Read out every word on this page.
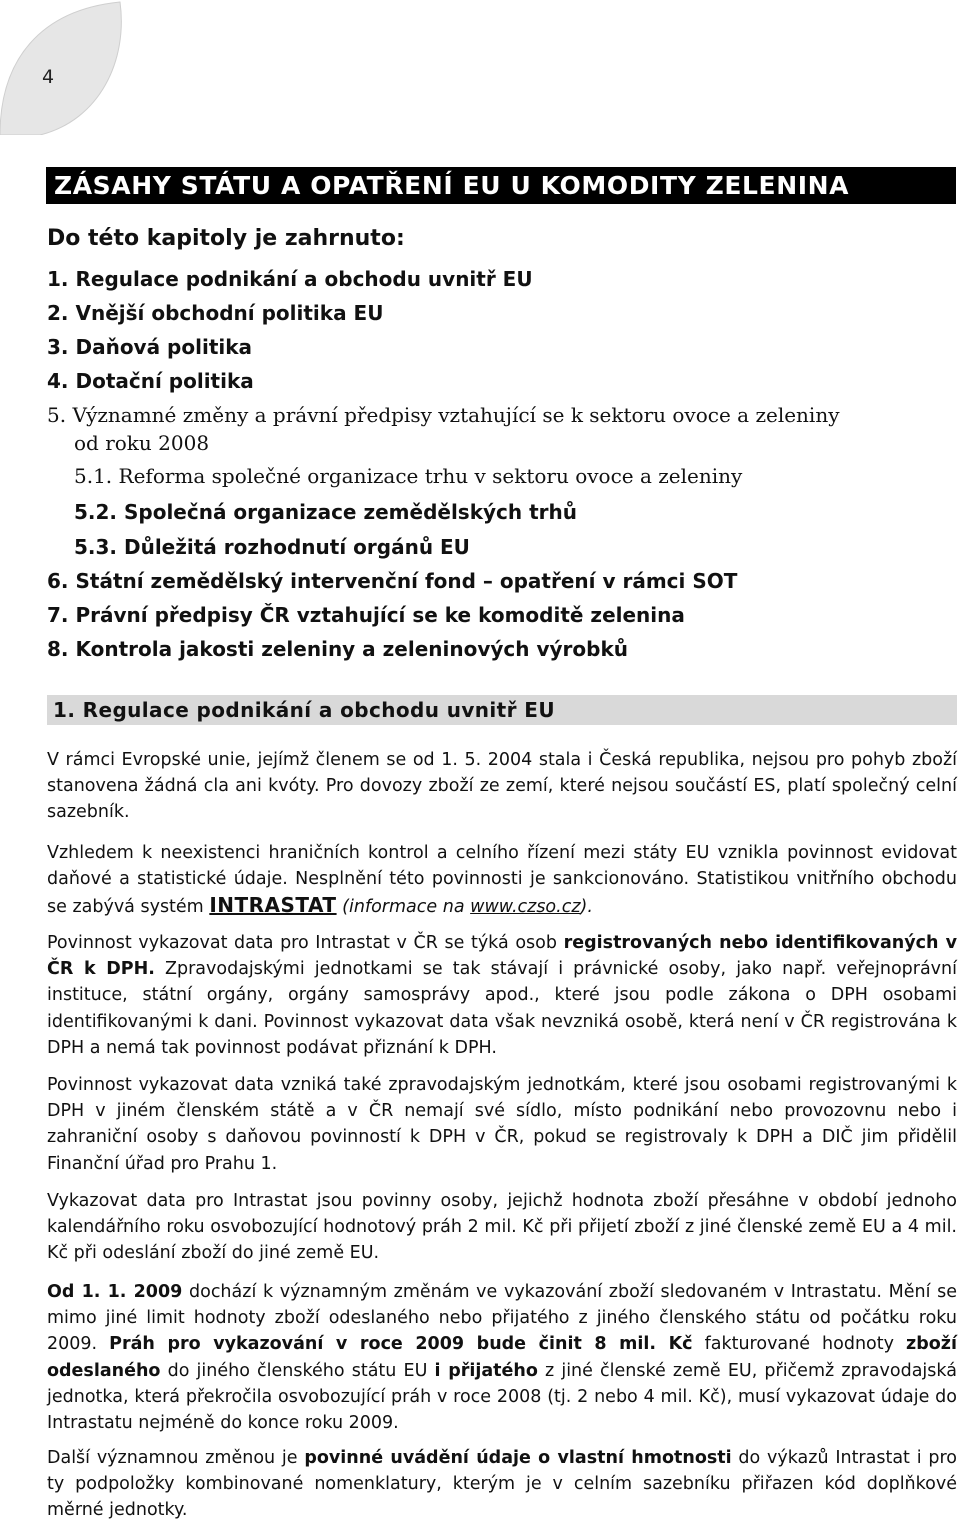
4
ZÁSAHY STÁTU A OPATŘENÍ EU U KOMODITY ZELENINA
Do této kapitoly je zahrnuto:
1. Regulace podnikání a obchodu uvnitř EU
2. Vnější obchodní politika EU
3. Daňová politika
4. Dotační politika
5. Významné změny a právní předpisy vztahující se k sektoru ovoce a zeleniny
od roku 2008
5.1. Reforma společné organizace trhu v sektoru ovoce a zeleniny
5.2. Společná organizace zemědělských trhů
5.3. Důležitá rozhodnutí orgánů EU
6. Státní zemědělský intervenční fond – opatření v rámci SOT
7. Právní předpisy ČR vztahující se ke komoditě zelenina
8. Kontrola jakosti zeleniny a zeleninových výrobků
1. Regulace podnikání a obchodu uvnitř EU

V rámci Evropské unie, jejímž členem se od 1. 5. 2004 stala i Česká republika, nejsou pro pohyb zboží stanovena žádná cla ani kvóty. Pro dovozy zboží ze zemí, které nejsou součástí ES, platí společný celní sazebník.

Vzhledem k neexistenci hraničních kontrol a celního řízení mezi státy EU vznikla povinnost evidovat daňové a statistické údaje. Nesplnění této povinnosti je sankcionováno. Statistikou vnitřního obchodu se zabývá systém INTRASTAT (informace na www.czso.cz).

Povinnost vykazovat data pro Intrastat v ČR se týká osob registrovaných nebo identifikovaných v ČR k DPH. Zpravodajskými jednotkami se tak stávají i právnické osoby, jako např. veřejnoprávní instituce, státní orgány, orgány samosprávy apod., které jsou podle zákona o DPH osobami identifikovanými k dani. Povinnost vykazovat data však nevzniká osobě, která není v ČR registrována k DPH a nemá tak povinnost podávat přiznání k DPH.

Povinnost vykazovat data vzniká také zpravodajským jednotkám, které jsou osobami registrovanými k DPH v jiném členském státě a v ČR nemají své sídlo, místo podnikání nebo provozovnu nebo i zahraniční osoby s daňovou povinností k DPH v ČR, pokud se registrovaly k DPH a DIČ jim přidělil Finanční úřad pro Prahu 1.

Vykazovat data pro Intrastat jsou povinny osoby, jejichž hodnota zboží přesáhne v období jednoho kalendářního roku osvobozující hodnotový práh 2 mil. Kč při přijetí zboží z jiné členské země EU a 4 mil. Kč při odeslání zboží do jiné země EU.

Od 1. 1. 2009 dochází k významným změnám ve vykazování zboží sledovaném v Intrastatu. Mění se mimo jiné limit hodnoty zboží odeslaného nebo přijatého z jiného členského státu od počátku roku 2009. Práh pro vykazování v roce 2009 bude činit 8 mil. Kč fakturované hodnoty zboží odeslaného do jiného členského státu EU i přijatého z jiné členské země EU, přičemž zpravodajská jednotka, která překročila osvobozující práh v roce 2008 (tj. 2 nebo 4 mil. Kč), musí vykazovat údaje do Intrastatu nejméně do konce roku 2009.

Další významnou změnou je povinné uvádění údaje o vlastní hmotnosti do výkazů Intrastat i pro ty podpoložky kombinované nomenklatury, kterým je v celním sazebníku přiřazen kód doplňkové měrné jednotky.
